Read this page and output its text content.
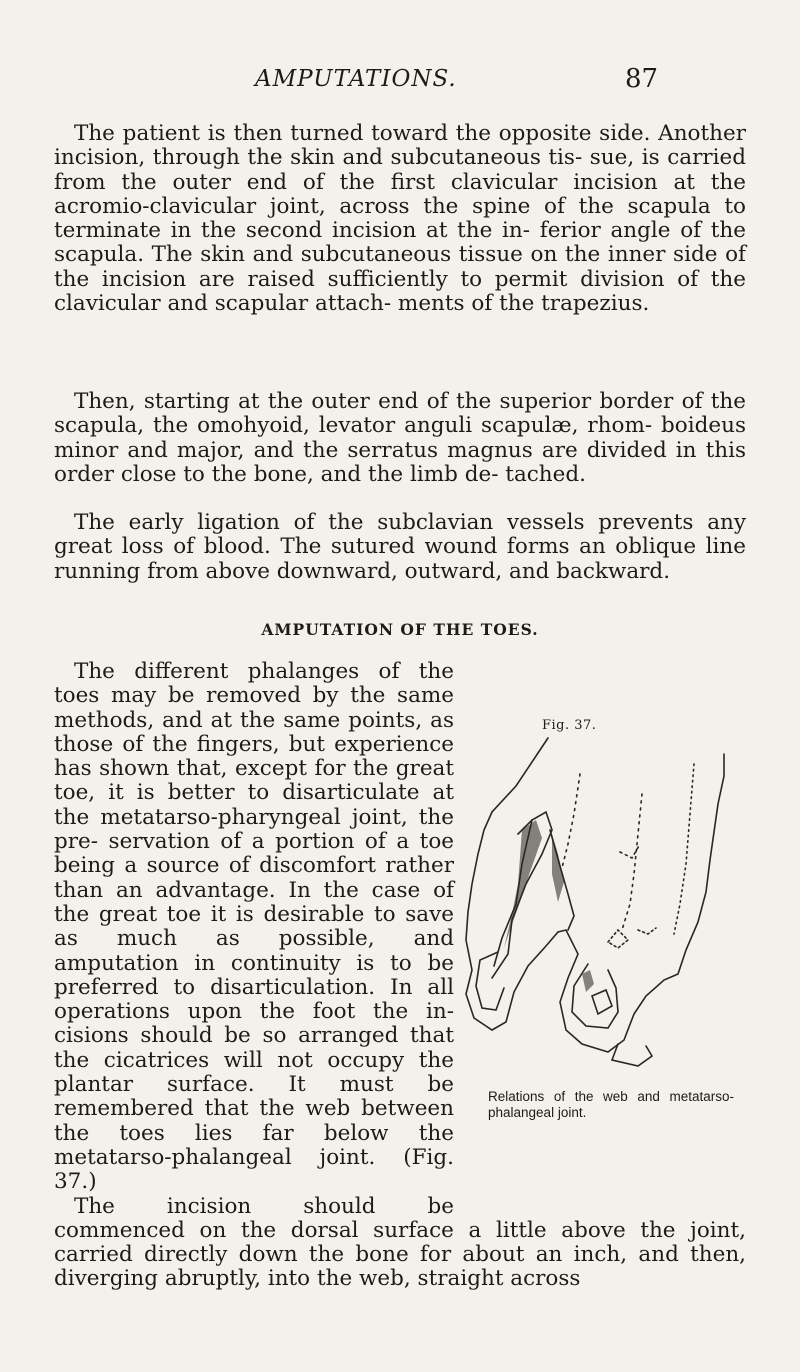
AMPUTATIONS.	87

The patient is then turned toward the opposite side. Another incision, through the skin and subcutaneous tis- sue, is carried from the outer end of the first clavicular incision at the acromio-clavicular joint, across the spine of the scapula to terminate in the second incision at the in- ferior angle of the scapula. The skin and subcutaneous tissue on the inner side of the incision are raised sufficiently to permit division of the clavicular and scapular attach- ments of the trapezius.

Then, starting at the outer end of the superior border of the scapula, the omohyoid, levator anguli scapulæ, rhom- boideus minor and major, and the serratus magnus are divided in this order close to the bone, and the limb de- tached.

The early ligation of the subclavian vessels prevents any great loss of blood. The sutured wound forms an oblique line running from above downward, outward, and backward.

AMPUTATION OF THE TOES.
Fig. 37.
Relations of the web and metatarso-phalangeal joint.
The different phalanges of the toes may be removed by the same methods, and at the same points, as those of the fingers, but experience has shown that, except for the great toe, it is better to disarticulate at the metatarso-pharyngeal joint, the pre- servation of a portion of a toe being a source of discomfort rather than an advantage. In the case of the great toe it is desirable to save as much as possible, and amputation in continuity is to be preferred to disarticulation. In all operations upon the foot the in- cisions should be so arranged that the cicatrices will not occupy the plantar surface. It must be remembered that the web between the toes lies far below the metatarso-phalangeal joint. (Fig. 37.)
The incision should be commenced on the dorsal surface a little above the joint, carried directly down the bone for about an inch, and then, diverging abruptly, into the web, straight across
